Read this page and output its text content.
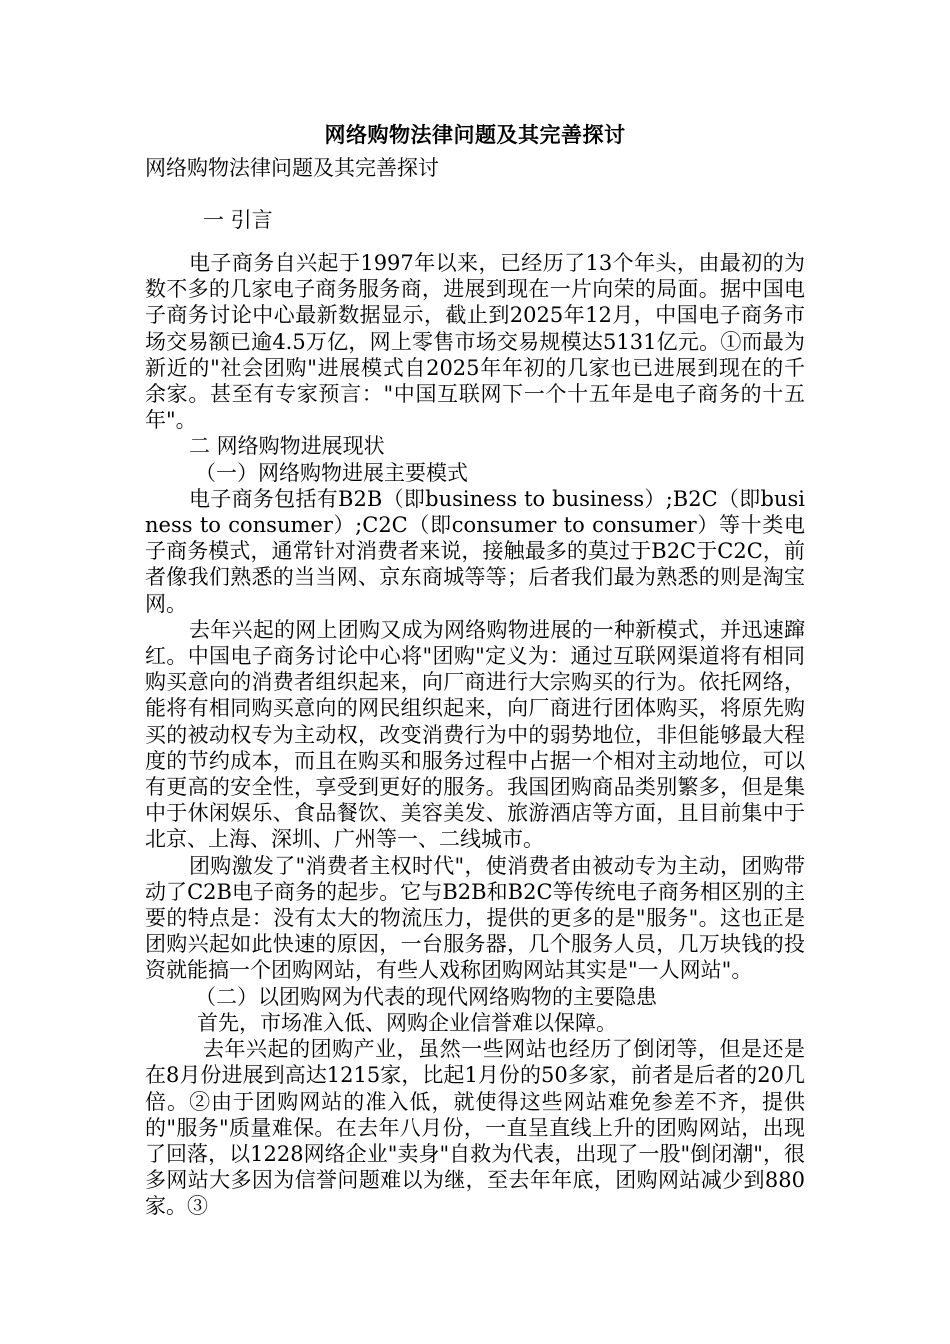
网络购物法律问题及其完善探讨

网络购物法律问题及其完善探讨

一 引言

电子商务自兴起于1997年以来，已经历了13个年头，由最初的为数不多的几家电子商务服务商，进展到现在一片向荣的局面。据中国电子商务讨论中心最新数据显示，截止到2025年12月，中国电子商务市场交易额已逾4.5万亿，网上零售市场交易规模达5131亿元。①而最为新近的"社会团购"进展模式自2025年年初的几家也已进展到现在的千余家。甚至有专家预言："中国互联网下一个十五年是电子商务的十五年"。

二 网络购物进展现状

（一）网络购物进展主要模式

电子商务包括有B2B（即business to business）;B2C（即business to consumer）;C2C（即consumer to consumer）等十类电子商务模式，通常针对消费者来说，接触最多的莫过于B2C于C2C，前者像我们熟悉的当当网、京东商城等等；后者我们最为熟悉的则是淘宝网。

去年兴起的网上团购又成为网络购物进展的一种新模式，并迅速蹿红。中国电子商务讨论中心将"团购"定义为：通过互联网渠道将有相同购买意向的消费者组织起来，向厂商进行大宗购买的行为。依托网络，能将有相同购买意向的网民组织起来，向厂商进行团体购买，将原先购买的被动权专为主动权，改变消费行为中的弱势地位，非但能够最大程度的节约成本，而且在购买和服务过程中占据一个相对主动地位，可以有更高的安全性，享受到更好的服务。我国团购商品类别繁多，但是集中于休闲娱乐、食品餐饮、美容美发、旅游酒店等方面，且目前集中于北京、上海、深圳、广州等一、二线城市。

团购激发了"消费者主权时代"，使消费者由被动专为主动，团购带动了C2B电子商务的起步。它与B2B和B2C等传统电子商务相区别的主要的特点是：没有太大的物流压力，提供的更多的是"服务"。这也正是团购兴起如此快速的原因，一台服务器，几个服务人员，几万块钱的投资就能搞一个团购网站，有些人戏称团购网站其实是"一人网站"。

（二）以团购网为代表的现代网络购物的主要隐患

首先，市场准入低、网购企业信誉难以保障。

去年兴起的团购产业，虽然一些网站也经历了倒闭等，但是还是在8月份进展到高达1215家，比起1月份的50多家，前者是后者的20几倍。②由于团购网站的准入低，就使得这些网站难免参差不齐，提供的"服务"质量难保。在去年八月份，一直呈直线上升的团购网站，出现了回落，以1228网络企业"卖身"自救为代表，出现了一股"倒闭潮"，很多网站大多因为信誉问题难以为继，至去年年底，团购网站减少到880家。③
